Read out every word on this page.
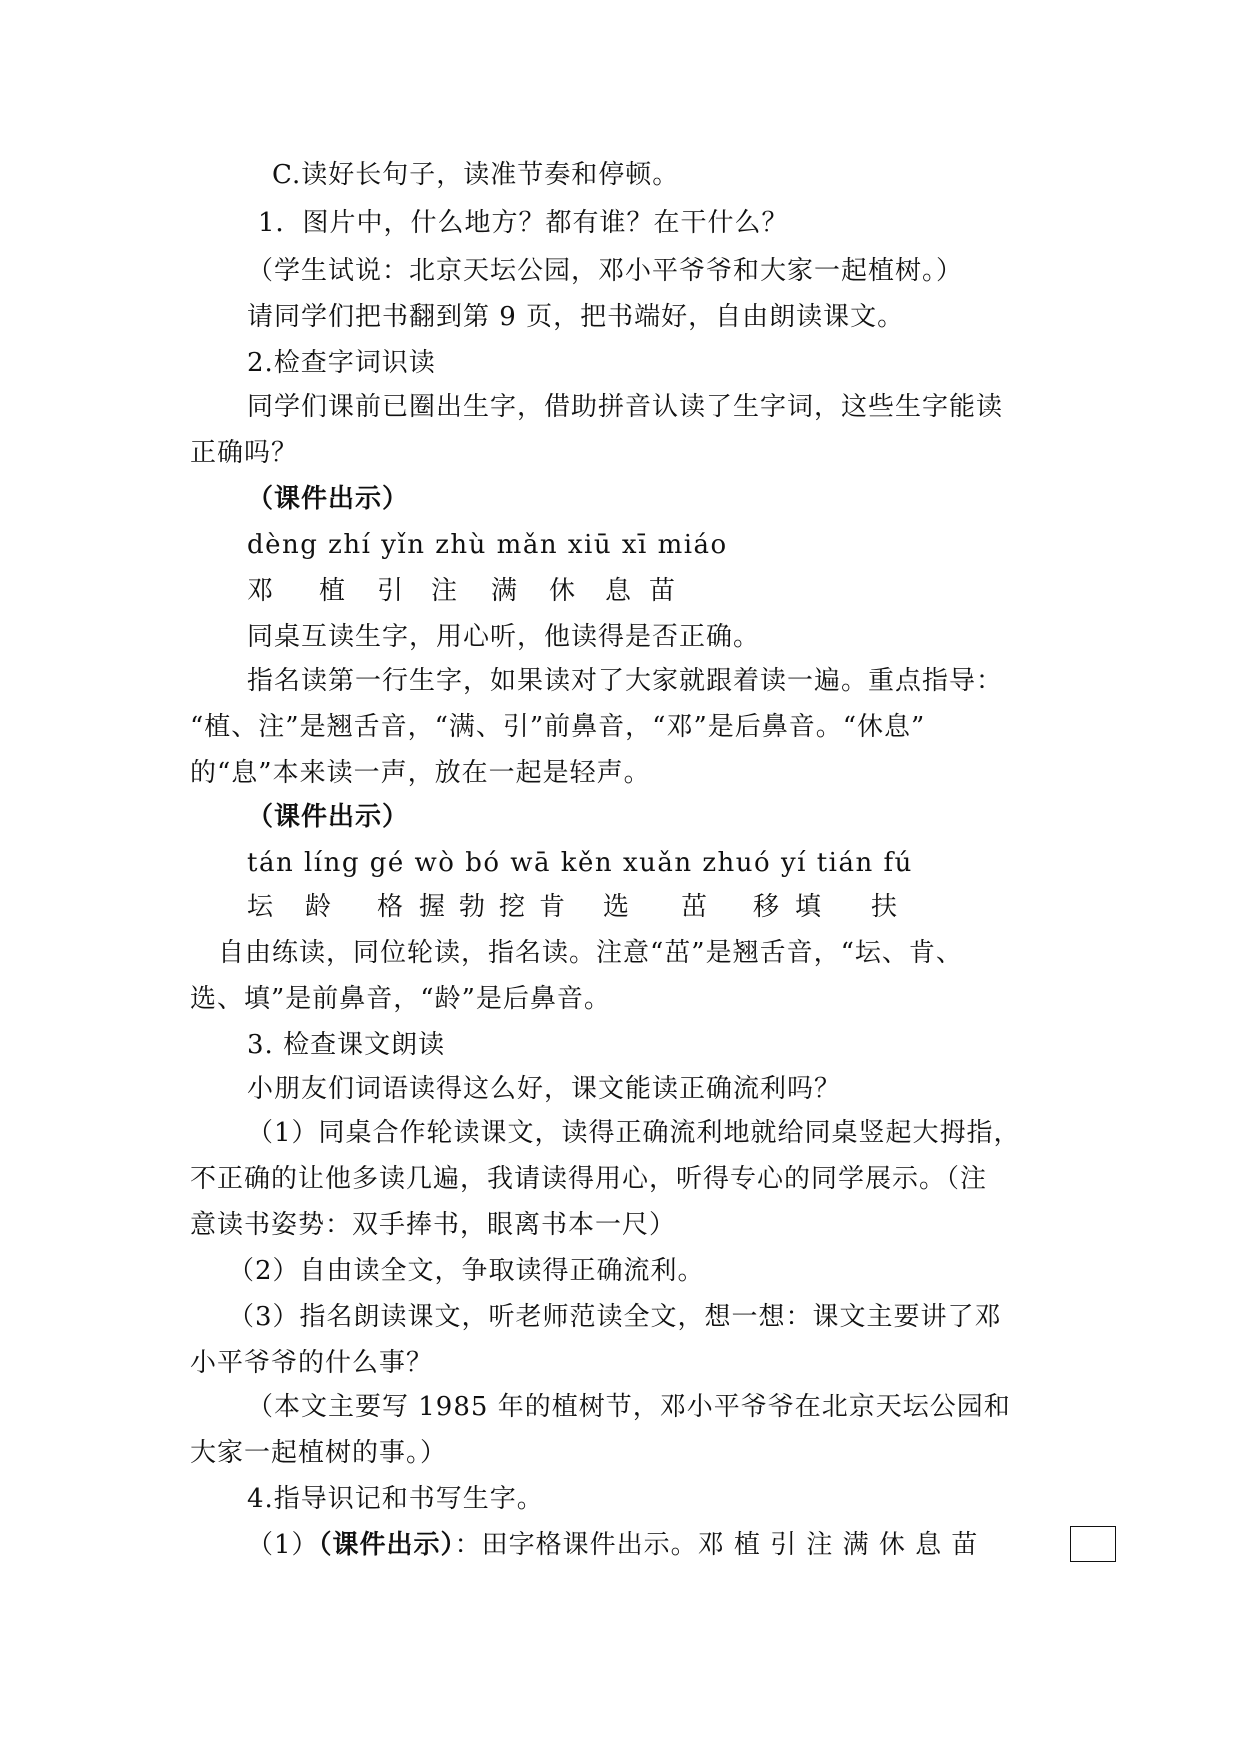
C.读好长句子，读准节奏和停顿。
1．图片中，什么地方？都有谁？在干什么？
（学生试说：北京天坛公园，邓小平爷爷和大家一起植树。）
请同学们把书翻到第 9 页，把书端好，自由朗读课文。
2.检查字词识读
同学们课前已圈出生字，借助拼音认读了生字词，这些生字能读
正确吗？
（课件出示）
dèng zhí yǐn zhù mǎn xiū xī miáo
邓 植 引 注 满 休 息 苗
同桌互读生字，用心听，他读得是否正确。
指名读第一行生字，如果读对了大家就跟着读一遍。重点指导：
“植、注”是翘舌音，“满、引”前鼻音，“邓”是后鼻音。“休息”
的“息”本来读一声，放在一起是轻声。
（课件出示）
tán líng gé wò bó wā kěn xuǎn zhuó yí tián fú
坛 龄 格 握 勃 挖 肯 选 茁 移 填 扶
自由练读，同位轮读，指名读。注意“茁”是翘舌音，“坛、肯、
选、填”是前鼻音，“龄”是后鼻音。
3. 检查课文朗读
小朋友们词语读得这么好，课文能读正确流利吗？
（1）同桌合作轮读课文，读得正确流利地就给同桌竖起大拇指，
不正确的让他多读几遍，我请读得用心，听得专心的同学展示。（注
意读书姿势：双手捧书，眼离书本一尺）
（2）自由读全文，争取读得正确流利。
（3）指名朗读课文，听老师范读全文，想一想：课文主要讲了邓
小平爷爷的什么事？
（本文主要写 1985 年的植树节，邓小平爷爷在北京天坛公园和
大家一起植树的事。）
4.指导识记和书写生字。
（1）（课件出示）：田字格课件出示。邓 植 引 注 满 休 息 苗
